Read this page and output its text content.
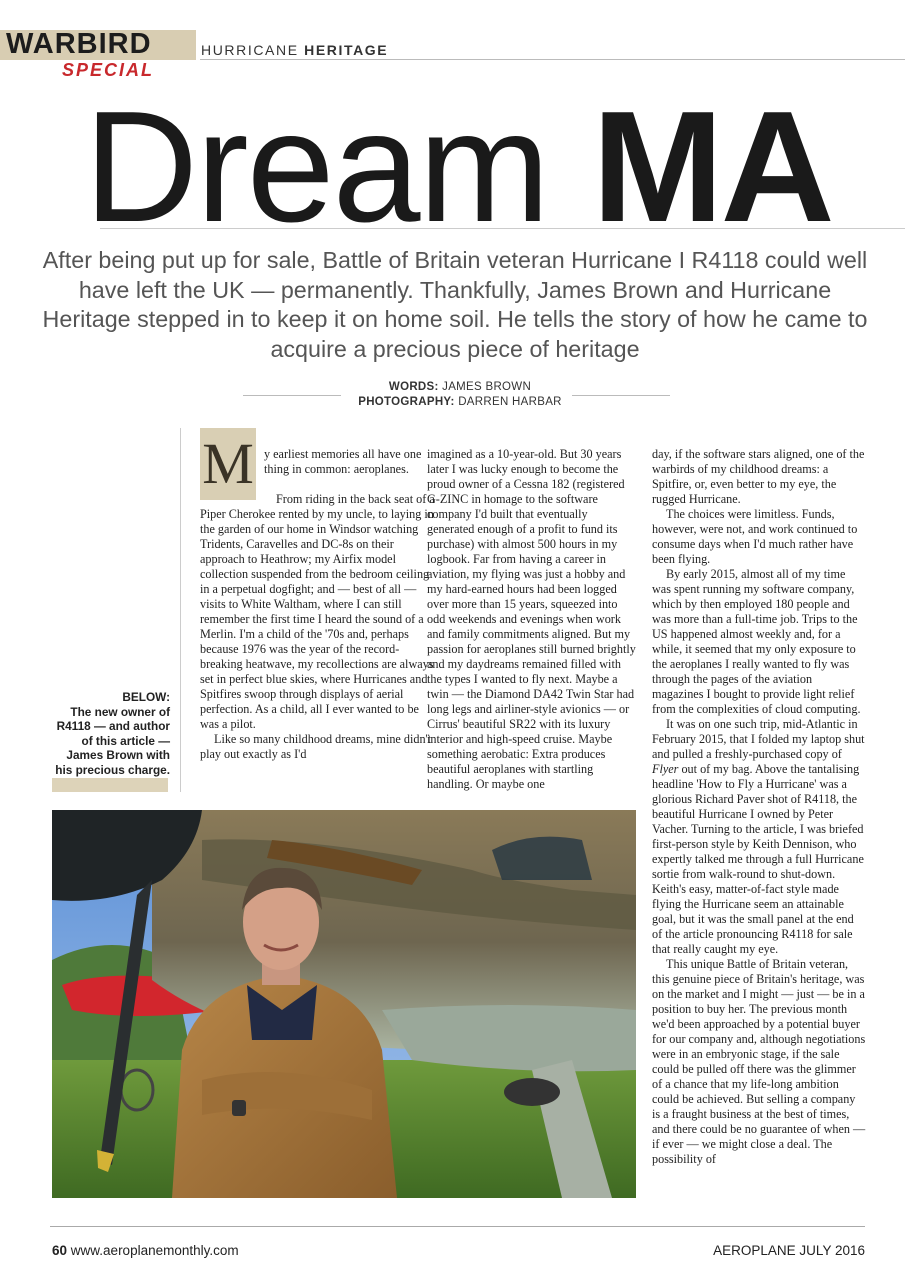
WARBIRD
SPECIAL
HURRICANE HERITAGE
Dream MA
After being put up for sale, Battle of Britain veteran Hurricane I R4118 could well have left the UK — permanently. Thankfully, James Brown and Hurricane Heritage stepped in to keep it on home soil. He tells the story of how he came to acquire a precious piece of heritage
WORDS: JAMES BROWN
PHOTOGRAPHY: DARREN HARBAR
BELOW:
The new owner of R4118 — and author of this article — James Brown with his precious charge.
M y earliest memories all have one thing in common: aeroplanes.

From riding in the back seat of a Piper Cherokee rented by my uncle, to laying in the garden of our home in Windsor watching Tridents, Caravelles and DC-8s on their approach to Heathrow; my Airfix model collection suspended from the bedroom ceiling in a perpetual dogfight; and — best of all — visits to White Waltham, where I can still remember the first time I heard the sound of a Merlin. I'm a child of the '70s and, perhaps because 1976 was the year of the record-breaking heatwave, my recollections are always set in perfect blue skies, where Hurricanes and Spitfires swoop through displays of aerial perfection. As a child, all I ever wanted to be was a pilot.

Like so many childhood dreams, mine didn't play out exactly as I'd

imagined as a 10-year-old. But 30 years later I was lucky enough to become the proud owner of a Cessna 182 (registered G-ZINC in homage to the software company I'd built that eventually generated enough of a profit to fund its purchase) with almost 500 hours in my logbook. Far from having a career in aviation, my flying was just a hobby and my hard-earned hours had been logged over more than 15 years, squeezed into odd weekends and evenings when work and family commitments aligned. But my passion for aeroplanes still burned brightly and my daydreams remained filled with the types I wanted to fly next. Maybe a twin — the Diamond DA42 Twin Star had long legs and airliner-style avionics — or Cirrus' beautiful SR22 with its luxury interior and high-speed cruise. Maybe something aerobatic: Extra produces beautiful aeroplanes with startling handling. Or maybe one

day, if the software stars aligned, one of the warbirds of my childhood dreams: a Spitfire, or, even better to my eye, the rugged Hurricane.

The choices were limitless. Funds, however, were not, and work continued to consume days when I'd much rather have been flying.

By early 2015, almost all of my time was spent running my software company, which by then employed 180 people and was more than a full-time job. Trips to the US happened almost weekly and, for a while, it seemed that my only exposure to the aeroplanes I really wanted to fly was through the pages of the aviation magazines I bought to provide light relief from the complexities of cloud computing.

It was on one such trip, mid-Atlantic in February 2015, that I folded my laptop shut and pulled a freshly-purchased copy of Flyer out of my bag. Above the tantalising headline 'How to Fly a Hurricane' was a glorious Richard Paver shot of R4118, the beautiful Hurricane I owned by Peter Vacher. Turning to the article, I was briefed first-person style by Keith Dennison, who expertly talked me through a full Hurricane sortie from walk-round to shut-down. Keith's easy, matter-of-fact style made flying the Hurricane seem an attainable goal, but it was the small panel at the end of the article pronouncing R4118 for sale that really caught my eye.

This unique Battle of Britain veteran, this genuine piece of Britain's heritage, was on the market and I might — just — be in a position to buy her. The previous month we'd been approached by a potential buyer for our company and, although negotiations were in an embryonic stage, if the sale could be pulled off there was the glimmer of a chance that my life-long ambition could be achieved. But selling a company is a fraught business at the best of times, and there could be no guarantee of when — if ever — we might close a deal. The possibility of

60 www.aeroplanemonthly.com	AEROPLANE JULY 2016
